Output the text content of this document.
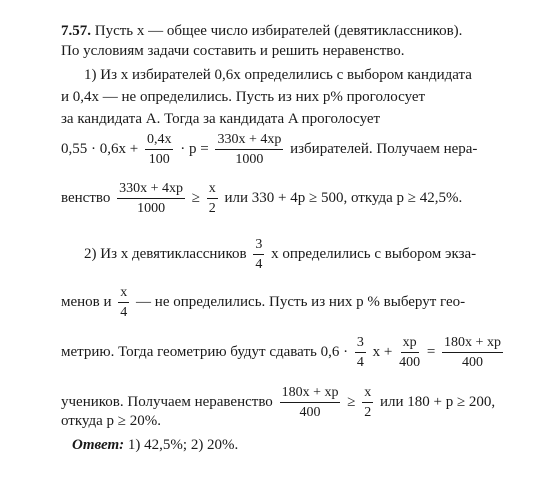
7.57. Пусть x — общее число избирателей (девятиклассников).
По условиям задачи составить и решить неравенство.
1) Из x избирателей 0,6x определились с выбором кандидата
и 0,4x — не определились. Пусть из них p% проголосует
за кандидата A. Тогда за кандидата A проголосует
$0,55 \cdot 0,6x + \frac{0,4x}{100} \cdot p = \frac{330x + 4xp}{1000}$ избирателей. Получаем нера-
венство $\frac{330x + 4xp}{1000} \ge \frac{x}{2}$ или 330 + 4p ≥ 500, откуда p ≥ 42,5%.
2) Из x девятиклассников $\frac{3}{4}$ x определились с выбором экза-
менов и $\frac{x}{4}$ — не определились. Пусть из них p % выберут гео-
метрию. Тогда геометрию будут сдавать $0,6 \cdot \frac{3}{4}$ $x + \frac{xp}{400} = \frac{180x + xp}{400}$
учеников. Получаем неравенство $\frac{180x + xp}{400} \ge \frac{x}{2}$ или 180 + p ≥ 200,
откуда p ≥ 20%.
Ответ: 1) 42,5%; 2) 20%.
